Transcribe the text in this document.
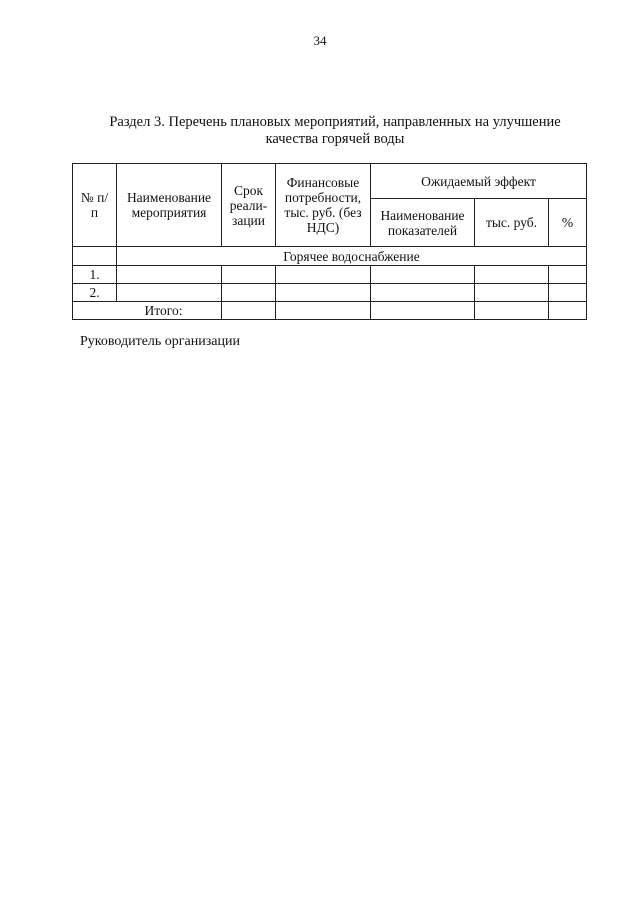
34
Раздел 3. Перечень плановых мероприятий, направленных на улучшение
качества горячей воды
№ п/п	Наименование мероприятия	Срок реали-зации	Финансовые потребности, тыс. руб. (без НДС)	Ожидаемый эффект		
				Наименование показателей	тыс. руб.	%
	Горячее водоснабжение					
1.						
2.						
Итого:						
Руководитель организации
